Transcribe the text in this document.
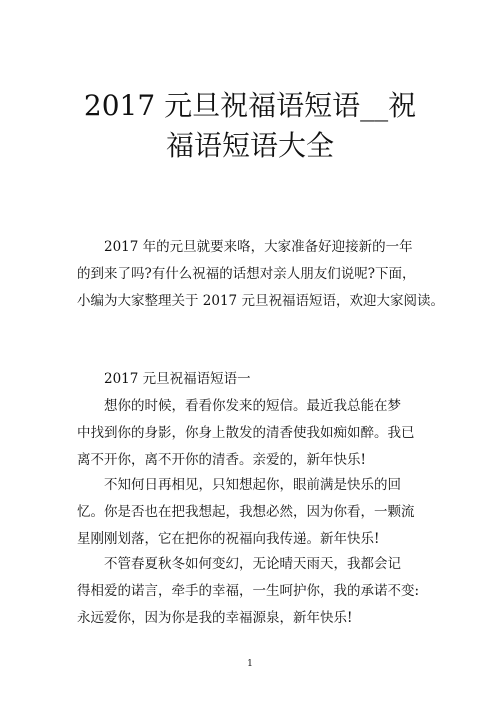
2017 元旦祝福语短语__祝
福语短语大全

　　2017 年的元旦就要来咯，大家准备好迎接新的一年
的到来了吗?有什么祝福的话想对亲人朋友们说呢?下面，
小编为大家整理关于 2017 元旦祝福语短语，欢迎大家阅读。

　　2017 元旦祝福语短语一

　　想你的时候，看看你发来的短信。最近我总能在梦
中找到你的身影，你身上散发的清香使我如痴如醉。我已
离不开你，离不开你的清香。亲爱的，新年快乐!

　　不知何日再相见，只知想起你，眼前满是快乐的回
忆。你是否也在把我想起，我想必然，因为你看，一颗流
星刚刚划落，它在把你的祝福向我传递。新年快乐!

　　不管春夏秋冬如何变幻，无论晴天雨天，我都会记
得相爱的诺言，牵手的幸福，一生呵护你，我的承诺不变:
永远爱你，因为你是我的幸福源泉，新年快乐!

1
